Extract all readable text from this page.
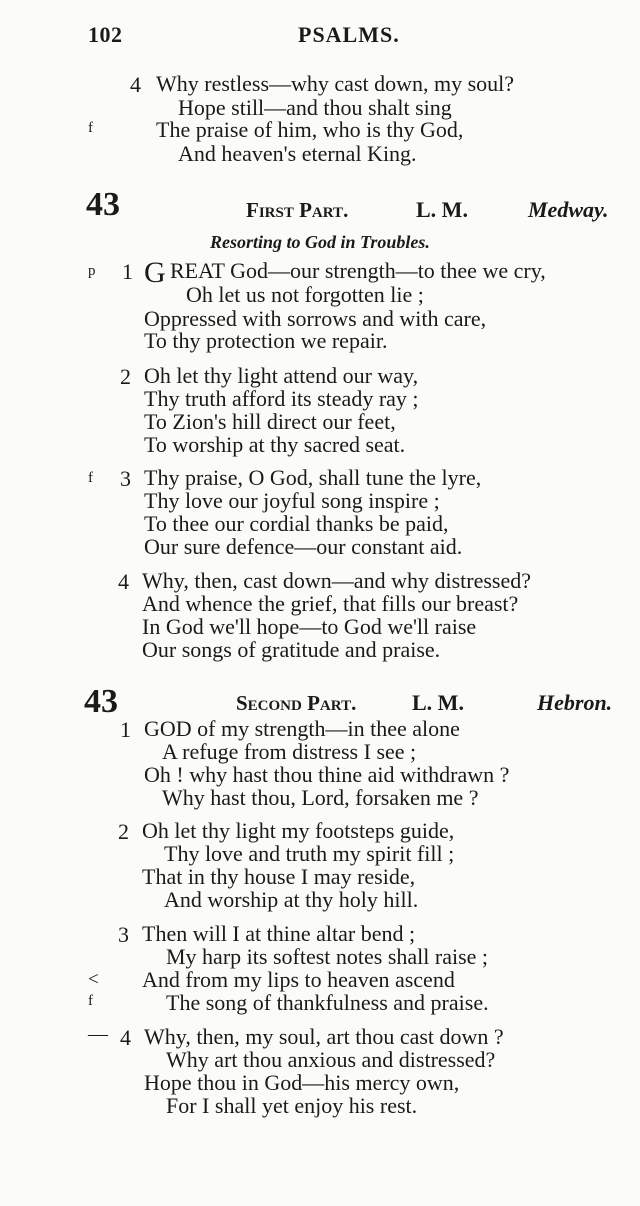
102	PSALMS.
4 Why restless—why cast down, my soul?
Hope still—and thou shalt sing
f	The praise of him, who is thy God,
And heaven's eternal King.
43	First Part.	L. M.	Medway.
Resorting to God in Troubles.
p 1 G REAT God—our strength—to thee we cry,
Oh let us not forgotten lie ;
Oppressed with sorrows and with care,
To thy protection we repair.
2 Oh let thy light attend our way,
Thy truth afford its steady ray ;
To Zion's hill direct our feet,
To worship at thy sacred seat.
f 3 Thy praise, O God, shall tune the lyre,
Thy love our joyful song inspire ;
To thee our cordial thanks be paid,
Our sure defence—our constant aid.
4 Why, then, cast down—and why distressed?
And whence the grief, that fills our breast?
In God we'll hope—to God we'll raise
Our songs of gratitude and praise.
43	Second Part.	L. M.	Hebron.
1 GOD of my strength—in thee alone
A refuge from distress I see ;
Oh ! why hast thou thine aid withdrawn ?
Why hast thou, Lord, forsaken me ?
2 Oh let thy light my footsteps guide,
Thy love and truth my spirit fill ;
That in thy house I may reside,
And worship at thy holy hill.
3 Then will I at thine altar bend ;
My harp its softest notes shall raise ;
< And from my lips to heaven ascend
f	The song of thankfulness and praise.
— 4 Why, then, my soul, art thou cast down ?
Why art thou anxious and distressed?
Hope thou in God—his mercy own,
For I shall yet enjoy his rest.
